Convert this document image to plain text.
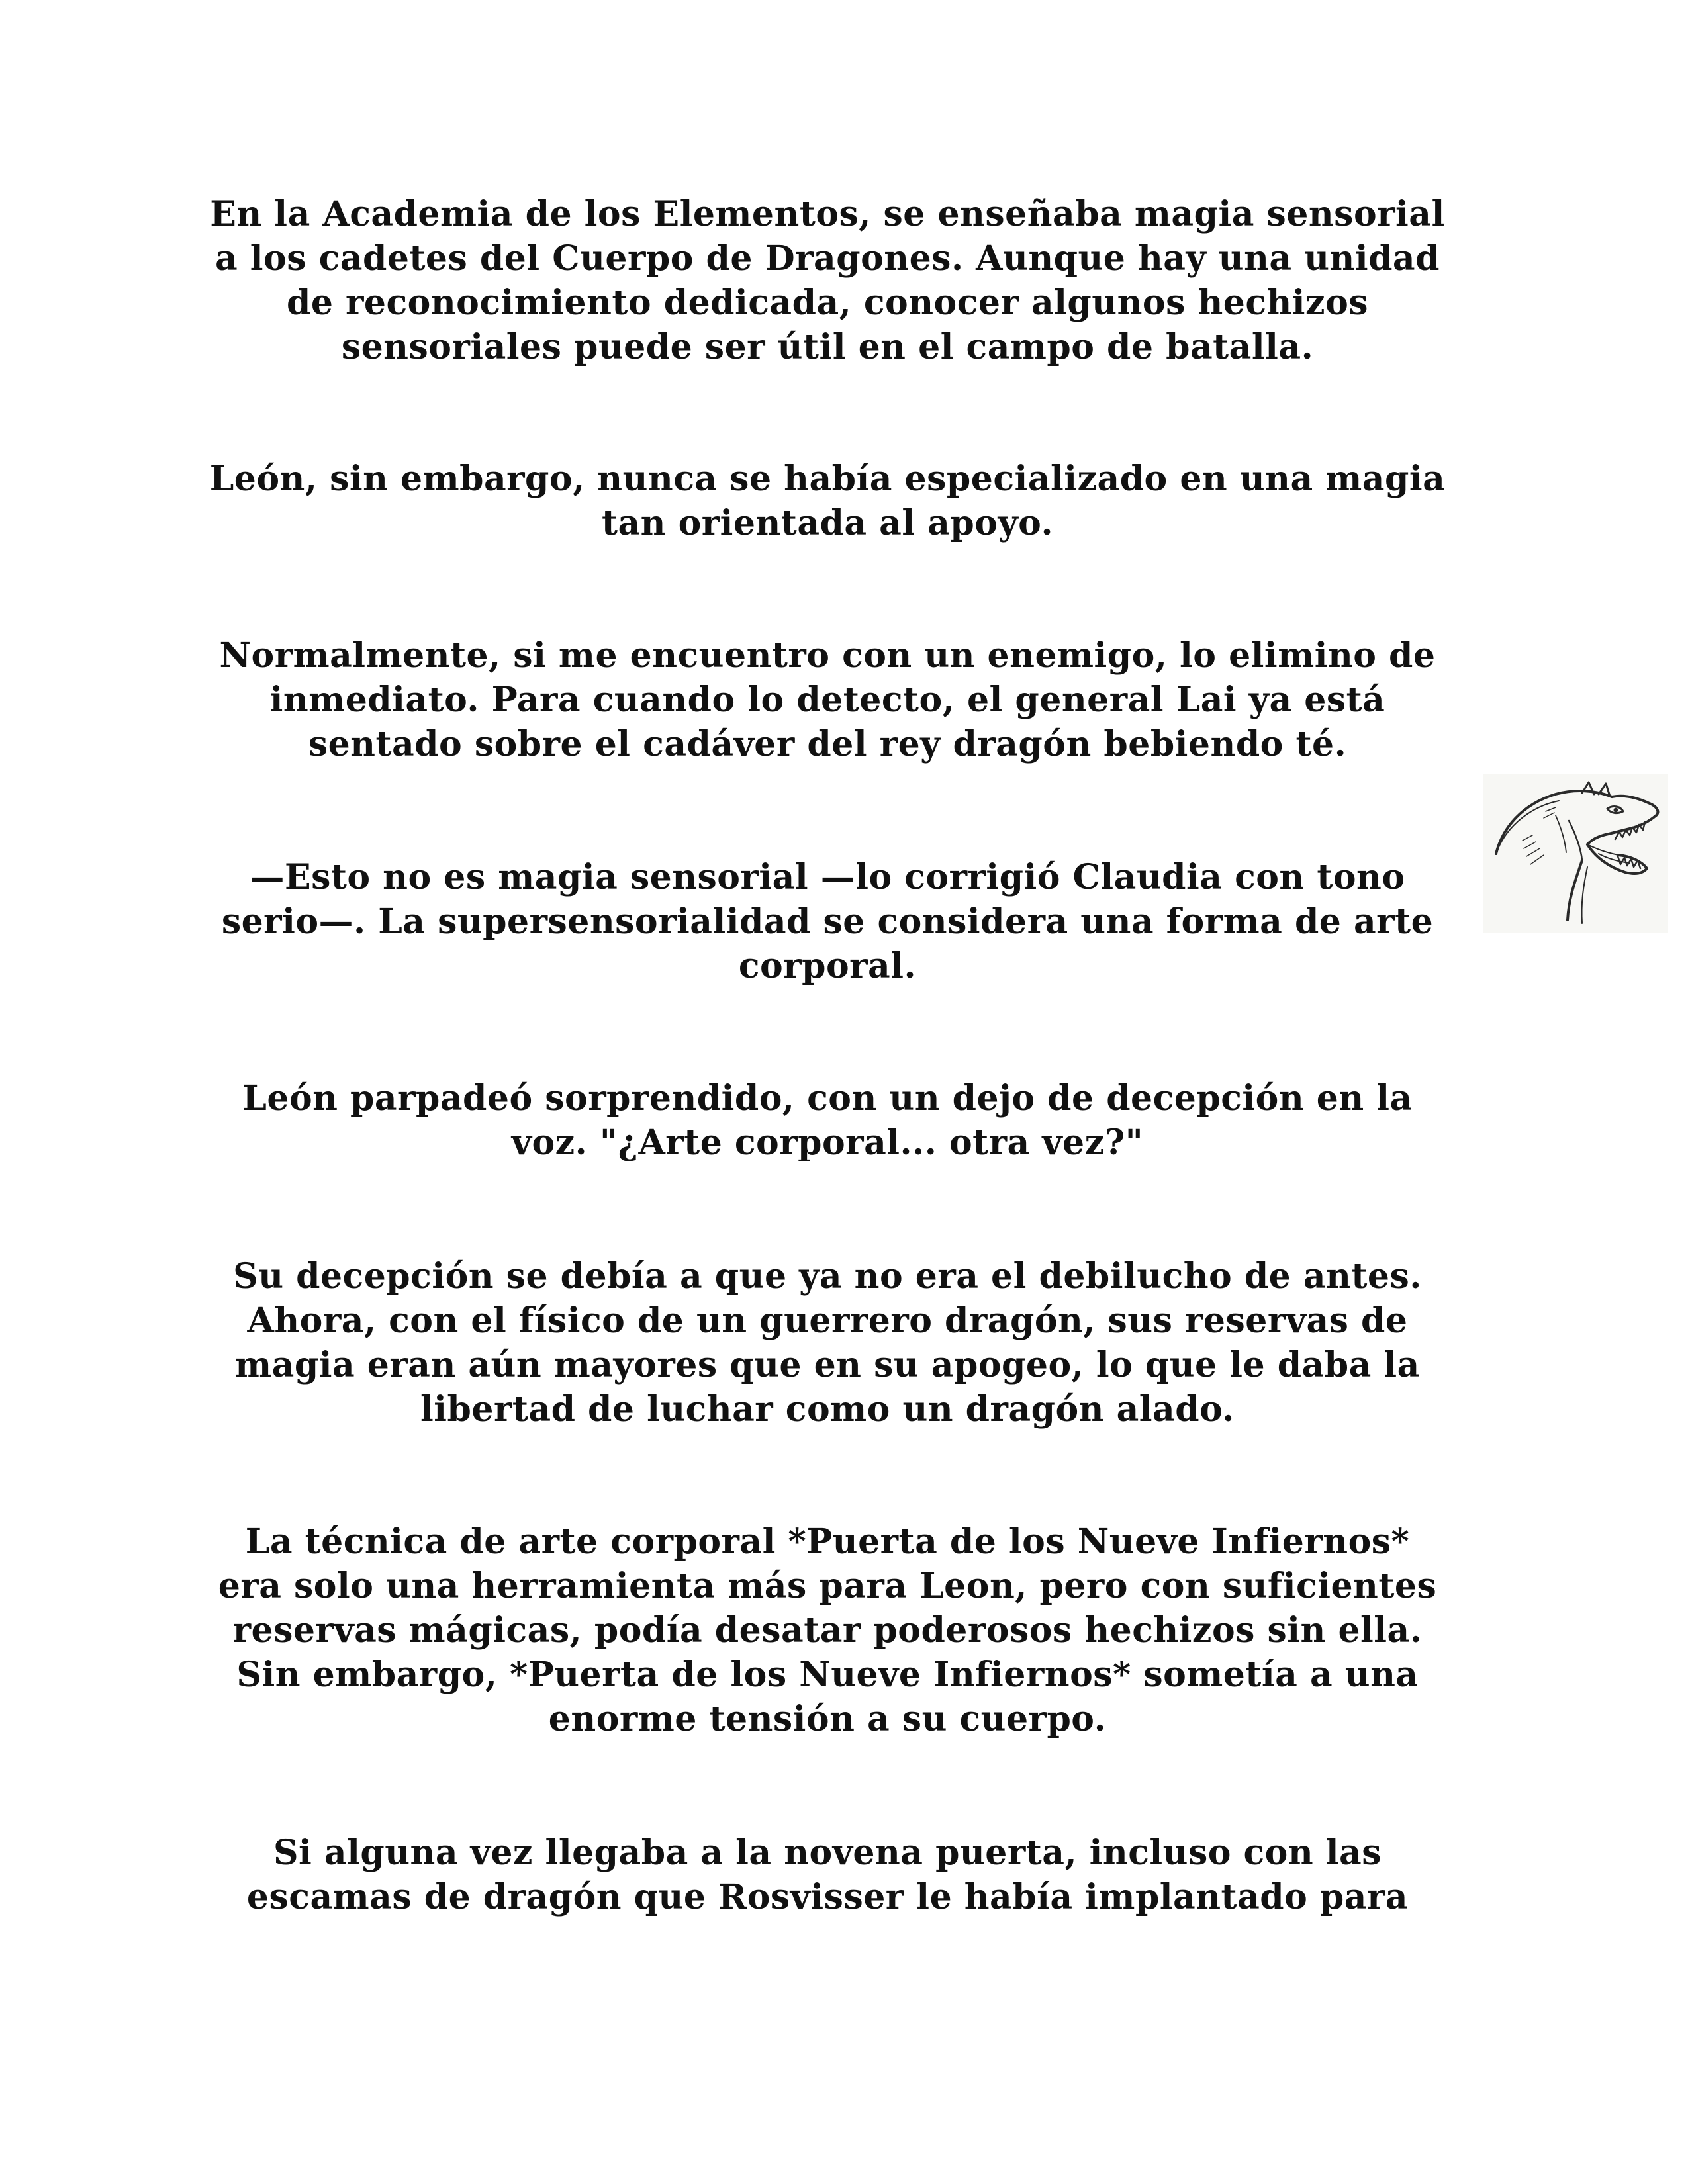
En la Academia de los Elementos, se enseñaba magia sensorial
a los cadetes del Cuerpo de Dragones. Aunque hay una unidad
de reconocimiento dedicada, conocer algunos hechizos
sensoriales puede ser útil en el campo de batalla.

León, sin embargo, nunca se había especializado en una magia
tan orientada al apoyo.

Normalmente, si me encuentro con un enemigo, lo elimino de
inmediato. Para cuando lo detecto, el general Lai ya está
sentado sobre el cadáver del rey dragón bebiendo té.

—Esto no es magia sensorial —lo corrigió Claudia con tono
serio—. La supersensorialidad se considera una forma de arte
corporal.

León parpadeó sorprendido, con un dejo de decepción en la
voz. "¿Arte corporal... otra vez?"

Su decepción se debía a que ya no era el debilucho de antes.
Ahora, con el físico de un guerrero dragón, sus reservas de
magia eran aún mayores que en su apogeo, lo que le daba la
libertad de luchar como un dragón alado.

La técnica de arte corporal *Puerta de los Nueve Infiernos*
era solo una herramienta más para Leon, pero con suficientes
reservas mágicas, podía desatar poderosos hechizos sin ella.
Sin embargo, *Puerta de los Nueve Infiernos* sometía a una
enorme tensión a su cuerpo.

Si alguna vez llegaba a la novena puerta, incluso con las
escamas de dragón que Rosvisser le había implantado para
